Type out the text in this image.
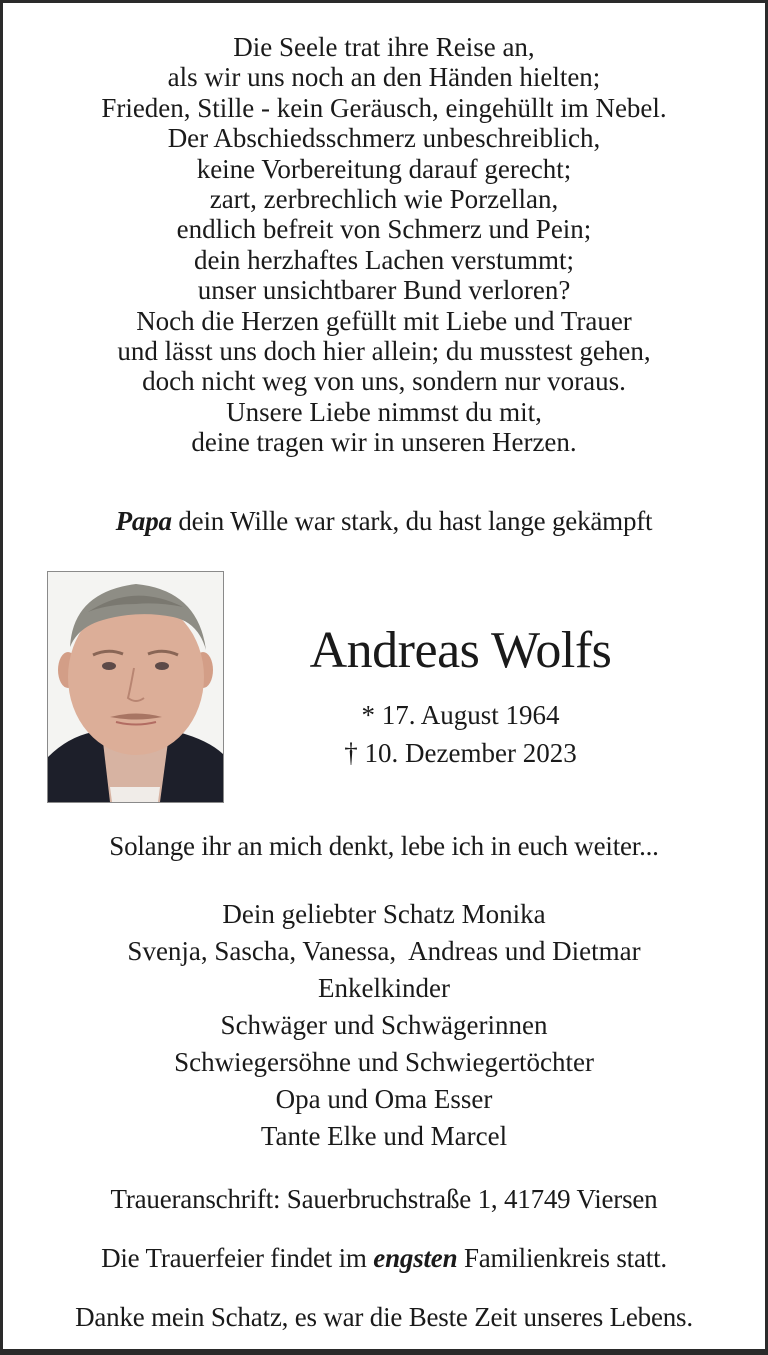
Die Seele trat ihre Reise an,
als wir uns noch an den Händen hielten;
Frieden, Stille - kein Geräusch, eingehüllt im Nebel.
Der Abschiedsschmerz unbeschreiblich,
keine Vorbereitung darauf gerecht;
zart, zerbrechlich wie Porzellan,
endlich befreit von Schmerz und Pein;
dein herzhaftes Lachen verstummt;
unser unsichtbarer Bund verloren?
Noch die Herzen gefüllt mit Liebe und Trauer
und lässt uns doch hier allein; du musstest gehen,
doch nicht weg von uns, sondern nur voraus.
Unsere Liebe nimmst du mit,
deine tragen wir in unseren Herzen.
Papa dein Wille war stark, du hast lange gekämpft
Andreas Wolfs
* 17. August 1964
† 10. Dezember 2023
Solange ihr an mich denkt, lebe ich in euch weiter...
Dein geliebter Schatz Monika
Svenja, Sascha, Vanessa,  Andreas und Dietmar
Enkelkinder
Schwäger und Schwägerinnen
Schwiegersöhne und Schwiegertöchter
Opa und Oma Esser
Tante Elke und Marcel
Traueranschrift: Sauerbruchstraße 1, 41749 Viersen
Die Trauerfeier findet im engsten Familienkreis statt.
Danke mein Schatz, es war die Beste Zeit unseres Lebens.
